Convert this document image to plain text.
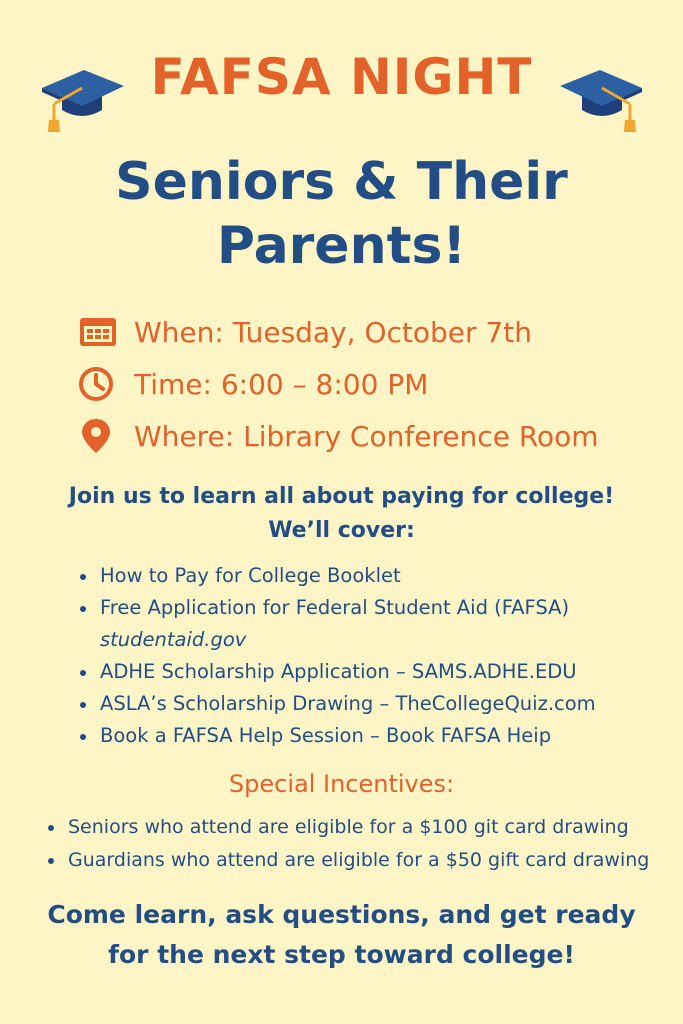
FAFSA NIGHT
Seniors & Their
Parents!
When: Tuesday, October 7th
Time: 6:00 – 8:00 PM
Where: Library Conference Room
Join us to learn all about paying for college!
We’ll cover:
How to Pay for College Booklet
Free Application for Federal Student Aid (FAFSA)
studentaid.gov
ADHE Scholarship Application – SAMS.ADHE.EDU
ASLA’s Scholarship Drawing – TheCollegeQuiz.com
Book a FAFSA Help Session – Book FAFSA Heip
Special Incentives:
Seniors who attend are eligible for a $100 git card drawing
Guardians who attend are eligible for a $50 gift card drawing
Come learn, ask questions, and get ready
for the next step toward college!
